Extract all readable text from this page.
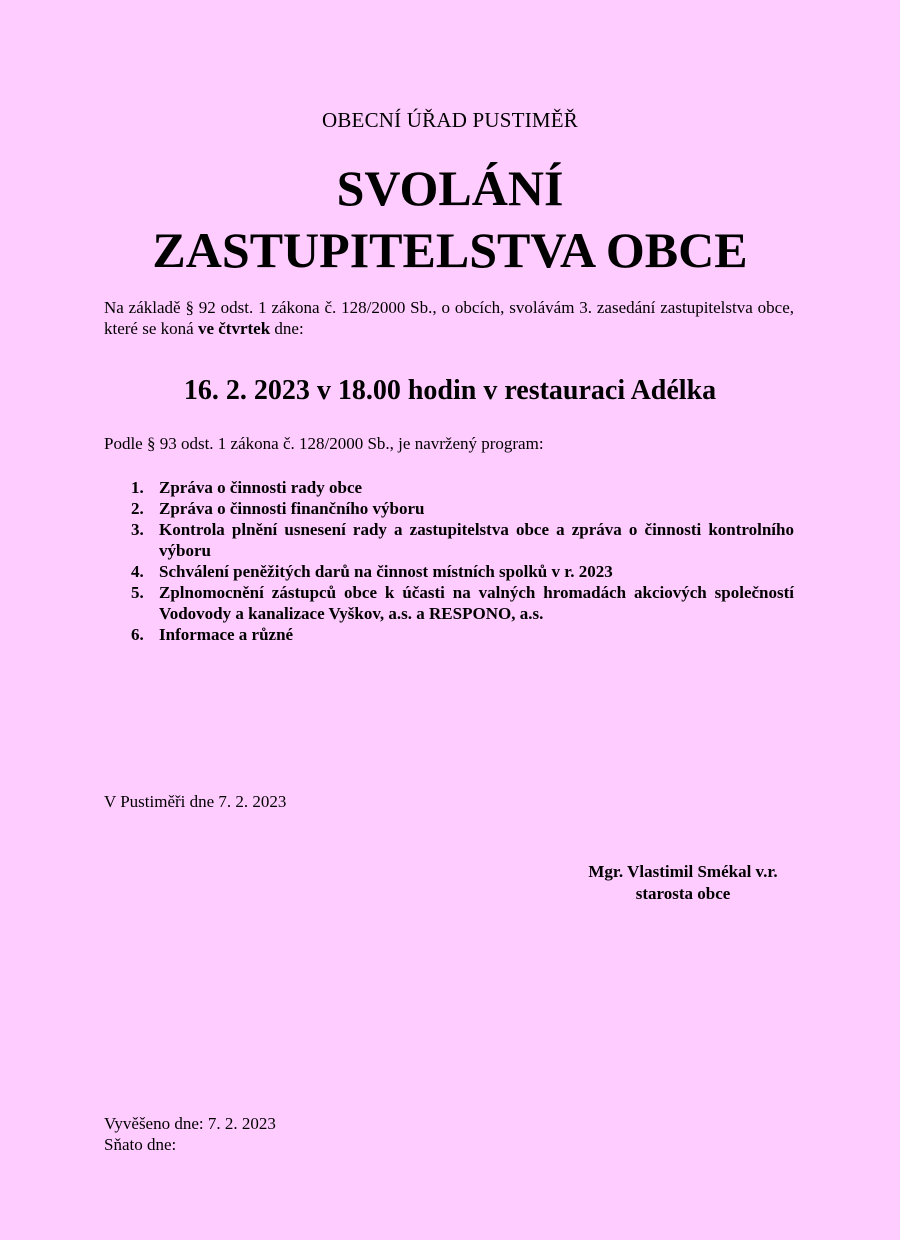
OBECNÍ ÚŘAD PUSTIMĚŘ
SVOLÁNÍ
ZASTUPITELSTVA OBCE
Na základě § 92 odst. 1 zákona č. 128/2000 Sb., o obcích, svolávám 3. zasedání zastupitelstva obce, které se koná ve čtvrtek dne:
16. 2. 2023 v 18.00 hodin v restauraci Adélka
Podle § 93 odst. 1 zákona č. 128/2000 Sb., je navržený program:
1. Zpráva o činnosti rady obce
2. Zpráva o činnosti finančního výboru
3. Kontrola plnění usnesení rady a zastupitelstva obce a zpráva o činnosti kontrolního výboru
4. Schválení peněžitých darů na činnost místních spolků v r. 2023
5. Zplnomocnění zástupců obce k účasti na valných hromadách akciových společností Vodovody a kanalizace Vyškov, a.s. a RESPONO, a.s.
6. Informace a různé
V Pustiměři dne 7. 2. 2023
Mgr. Vlastimil Smékal v.r.
starosta obce
Vyvěšeno dne: 7. 2. 2023
Sňato dne:
